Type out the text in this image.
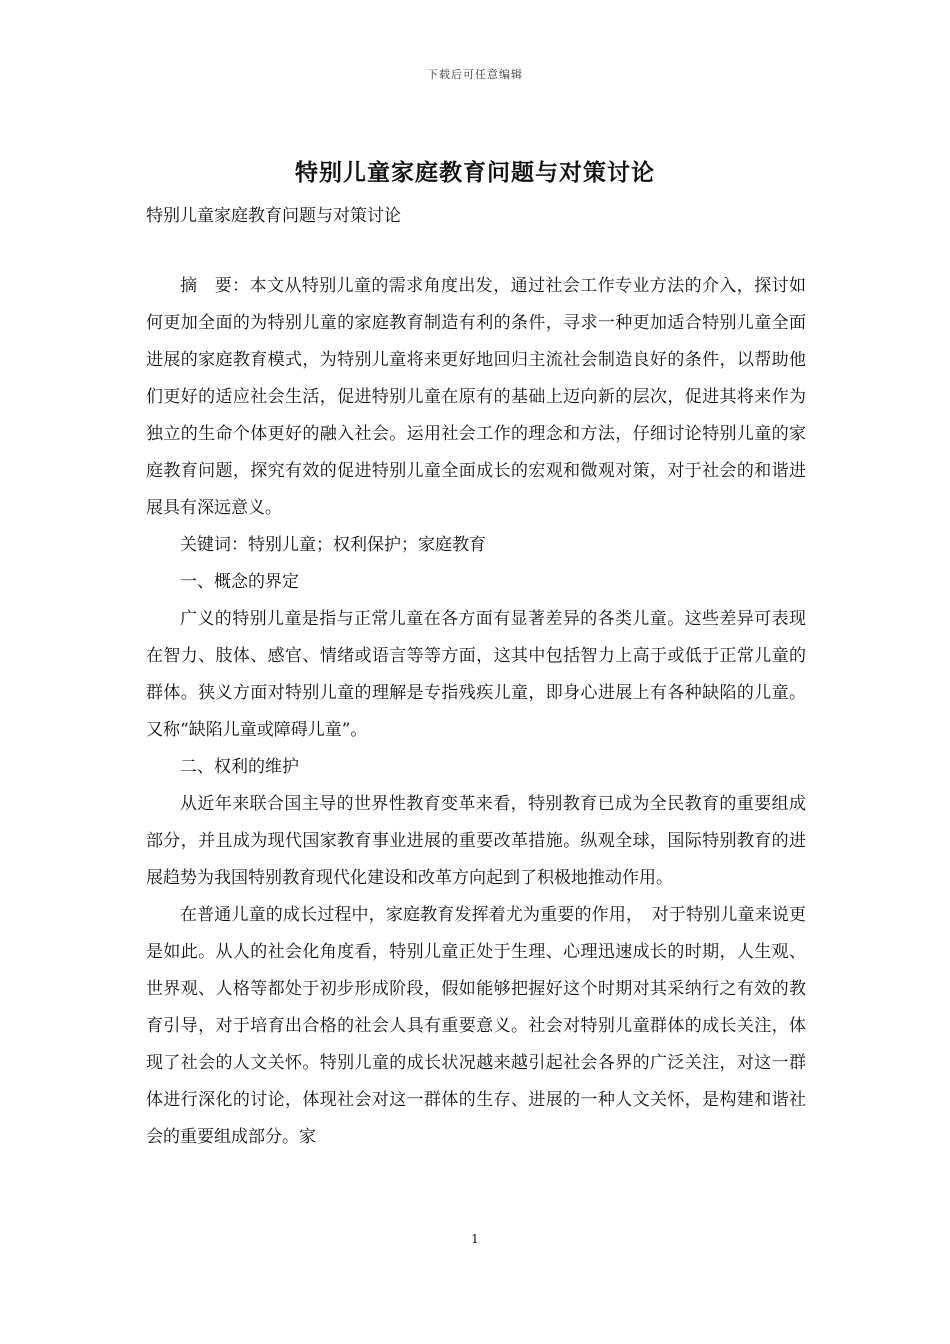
下载后可任意编辑
特别儿童家庭教育问题与对策讨论
特别儿童家庭教育问题与对策讨论

摘　要：本文从特别儿童的需求角度出发，通过社会工作专业方法的介入，探讨如何更加全面的为特别儿童的家庭教育制造有利的条件，寻求一种更加适合特别儿童全面进展的家庭教育模式，为特别儿童将来更好地回归主流社会制造良好的条件，以帮助他们更好的适应社会生活，促进特别儿童在原有的基础上迈向新的层次，促进其将来作为独立的生命个体更好的融入社会。运用社会工作的理念和方法，仔细讨论特别儿童的家庭教育问题，探究有效的促进特别儿童全面成长的宏观和微观对策，对于社会的和谐进展具有深远意义。

关键词：特别儿童；权利保护；家庭教育

一、概念的界定

广义的特别儿童是指与正常儿童在各方面有显著差异的各类儿童。这些差异可表现在智力、肢体、感官、情绪或语言等等方面，这其中包括智力上高于或低于正常儿童的群体。狭义方面对特别儿童的理解是专指残疾儿童，即身心进展上有各种缺陷的儿童。又称“缺陷儿童或障碍儿童”。

二、权利的维护

从近年来联合国主导的世界性教育变革来看，特别教育已成为全民教育的重要组成部分，并且成为现代国家教育事业进展的重要改革措施。纵观全球，国际特别教育的进展趋势为我国特别教育现代化建设和改革方向起到了积极地推动作用。

在普通儿童的成长过程中，家庭教育发挥着尤为重要的作用，　对于特别儿童来说更是如此。从人的社会化角度看，特别儿童正处于生理、心理迅速成长的时期，人生观、世界观、人格等都处于初步形成阶段，假如能够把握好这个时期对其采纳行之有效的教育引导，对于培育出合格的社会人具有重要意义。社会对特别儿童群体的成长关注，体现了社会的人文关怀。特别儿童的成长状况越来越引起社会各界的广泛关注，对这一群体进行深化的讨论，体现社会对这一群体的生存、进展的一种人文关怀，是构建和谐社会的重要组成部分。家

1
